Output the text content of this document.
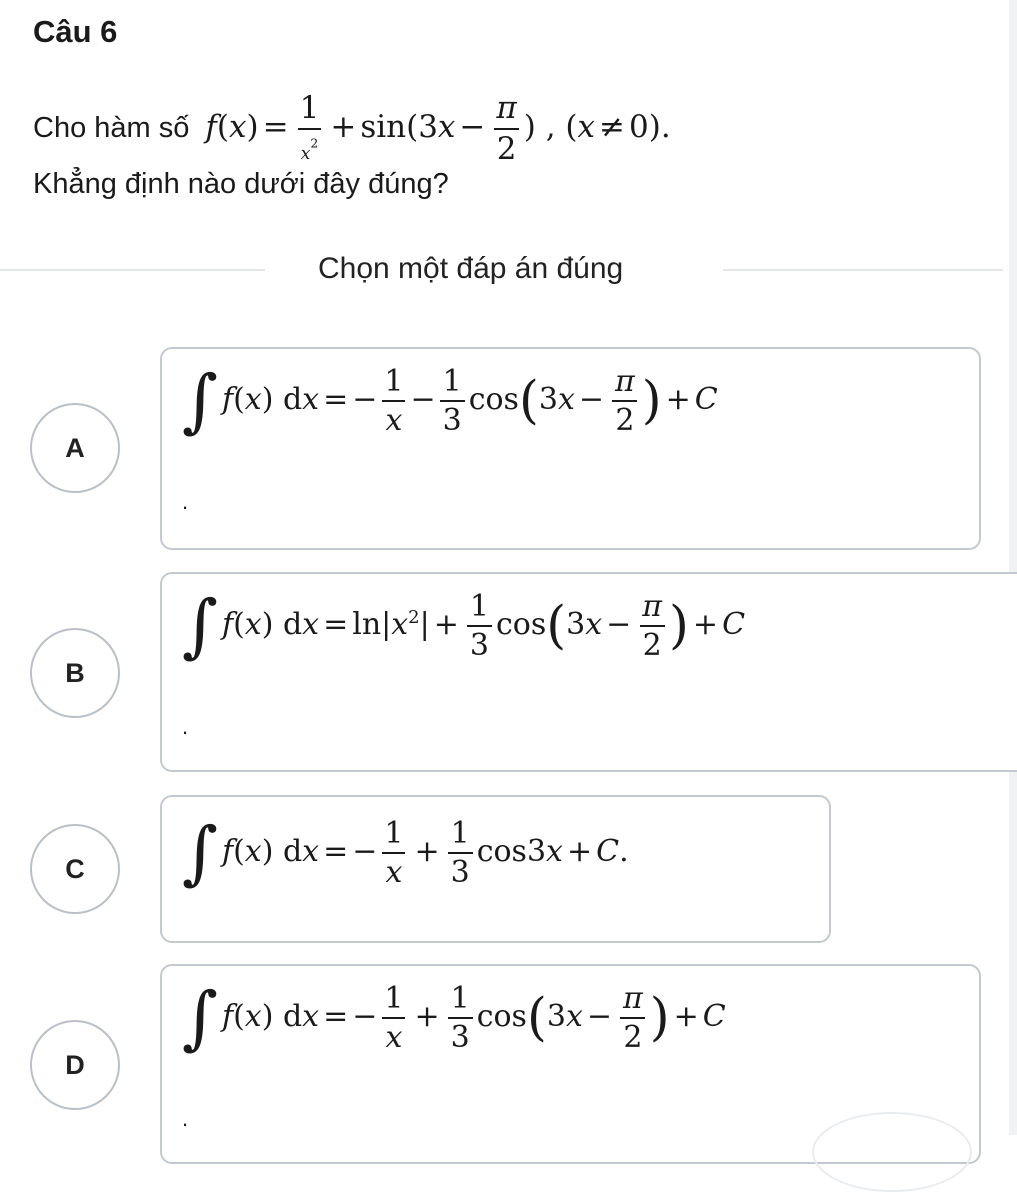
Câu 6
Cho hàm số $f(x) = \frac{1}{x^2} + \sin(3x - \frac{\pi}{2}$ ) , (x ≠ 0).
Khẳng định nào dưới đây đúng?
Chọn một đáp án đúng
A
∫ f(x) dx = − $\frac{1}{x} - \frac{1}{3} \cos(3x - \frac{\pi}{2}$ ) + C
.
B
∫ f(x) dx = $\ln|x^2| + \frac{1}{3} \cos(3x - \frac{\pi}{2}$ ) + C
.
C ∫ f(x) dx = − $\frac{1}{x} + \frac{1}{3} \cos 3x + C$.
D
∫ f(x) dx = − $\frac{1}{x} + \frac{1}{3} \cos(3x - \frac{\pi}{2}$ ) + C
.
